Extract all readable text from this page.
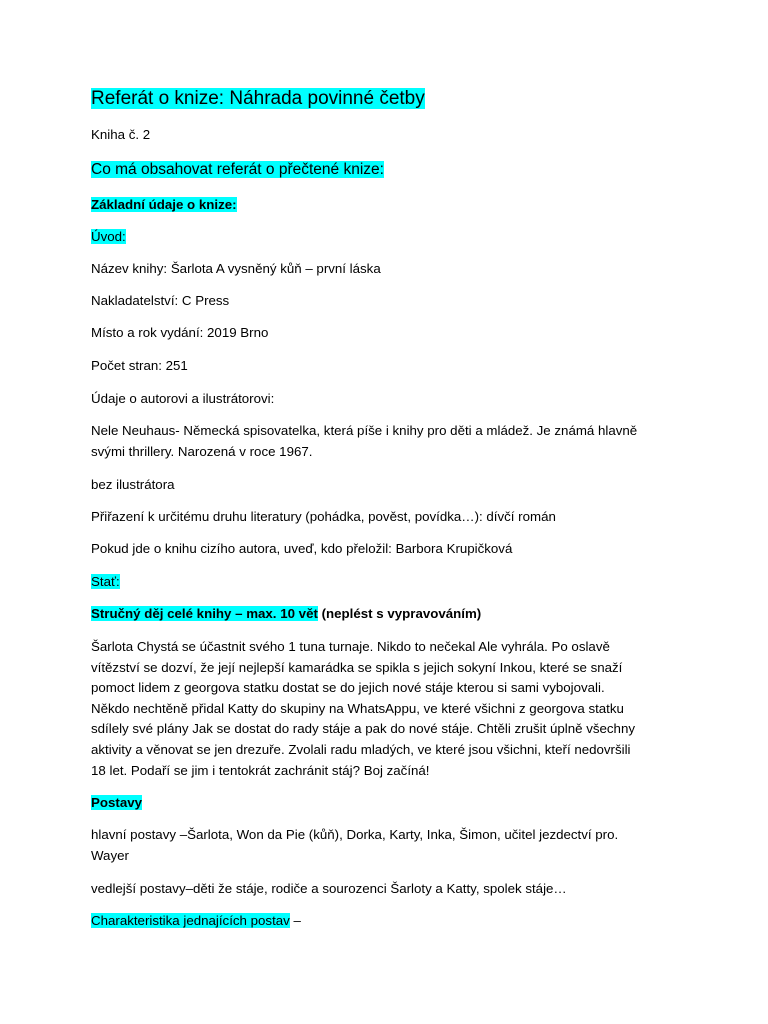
Referát o knize: Náhrada povinné četby
Kniha č. 2
Co má obsahovat referát o přečtené knize:
Základní údaje o knize:
Úvod:
Název knihy: Šarlota A vysněný kůň – první láska
Nakladatelství: C Press
Místo a rok vydání: 2019 Brno
Počet stran: 251
Údaje o autorovi a ilustrátorovi:
Nele Neuhaus- Německá spisovatelka, která píše i knihy pro děti a mládež. Je známá hlavně
svými thrillery. Narozená v roce 1967.
bez ilustrátora
Přiřazení k určitému druhu literatury (pohádka, pověst, povídka…): dívčí román
Pokud jde o knihu cizího autora, uveď, kdo přeložil: Barbora Krupičková
Stať:
Stručný děj celé knihy – max. 10 vět (neplést s vypravováním)
Šarlota Chystá se účastnit svého 1 tuna turnaje. Nikdo to nečekal Ale vyhrála. Po oslavě
vítězství se dozví, že její nejlepší kamarádka se spikla s jejich sokyní Inkou, které se snaží
pomoct lidem z georgova statku dostat se do jejich nové stáje kterou si sami vybojovali.
Někdo nechtěně přidal Katty do skupiny na WhatsAppu, ve které všichni z georgova statku
sdílely své plány Jak se dostat do rady stáje a pak do nové stáje. Chtěli zrušit úplně všechny
aktivity a věnovat se jen drezuře. Zvolali radu mladých, ve které jsou všichni, kteří nedovršili
18 let. Podaří se jim i tentokrát zachránit stáj? Boj začíná!
Postavy
hlavní postavy –Šarlota, Won da Pie (kůň), Dorka, Karty, Inka, Šimon, učitel jezdectví pro.
Wayer
vedlejší postavy–děti že stáje, rodiče a sourozenci Šarloty a Katty, spolek stáje…
Charakteristika jednajících postav –
